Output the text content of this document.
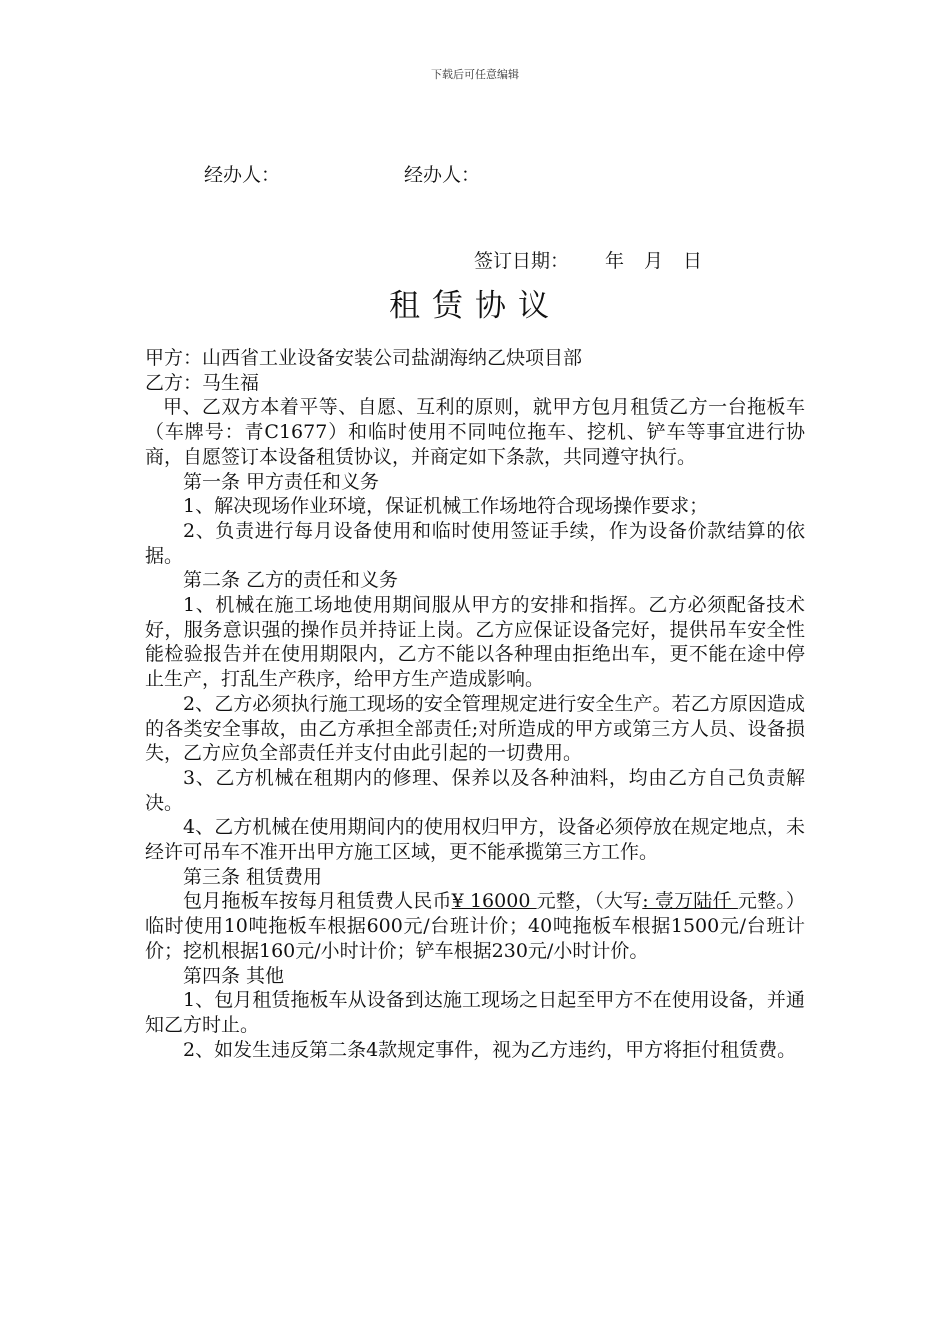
下载后可任意编辑
经办人：	经办人：
签订日期： 年 月 日
租赁协议

甲方：山西省工业设备安装公司盐湖海纳乙炔项目部

乙方：马生福

甲、乙双方本着平等、自愿、互利的原则，就甲方包月租赁乙方一台拖板车（车牌号：青C1677）和临时使用不同吨位拖车、挖机、铲车等事宜进行协商，自愿签订本设备租赁协议，并商定如下条款，共同遵守执行。

第一条 甲方责任和义务

1、解决现场作业环境，保证机械工作场地符合现场操作要求；

2、负责进行每月设备使用和临时使用签证手续，作为设备价款结算的依据。

第二条 乙方的责任和义务

1、机械在施工场地使用期间服从甲方的安排和指挥。乙方必须配备技术好，服务意识强的操作员并持证上岗。乙方应保证设备完好，提供吊车安全性能检验报告并在使用期限内，乙方不能以各种理由拒绝出车，更不能在途中停止生产，打乱生产秩序，给甲方生产造成影响。

2、乙方必须执行施工现场的安全管理规定进行安全生产。若乙方原因造成的各类安全事故，由乙方承担全部责任;对所造成的甲方或第三方人员、设备损失，乙方应负全部责任并支付由此引起的一切费用。

3、乙方机械在租期内的修理、保养以及各种油料，均由乙方自己负责解决。

4、乙方机械在使用期间内的使用权归甲方，设备必须停放在规定地点，未经许可吊车不准开出甲方施工区域，更不能承揽第三方工作。

第三条 租赁费用

包月拖板车按每月租赁费人民币¥ 16000 元整，（大写: 壹万陆仟 元整。）临时使用10吨拖板车根据600元/台班计价；40吨拖板车根据1500元/台班计价；挖机根据160元/小时计价；铲车根据230元/小时计价。

第四条 其他

1、包月租赁拖板车从设备到达施工现场之日起至甲方不在使用设备，并通知乙方时止。

2、如发生违反第二条4款规定事件，视为乙方违约，甲方将拒付租赁费。
